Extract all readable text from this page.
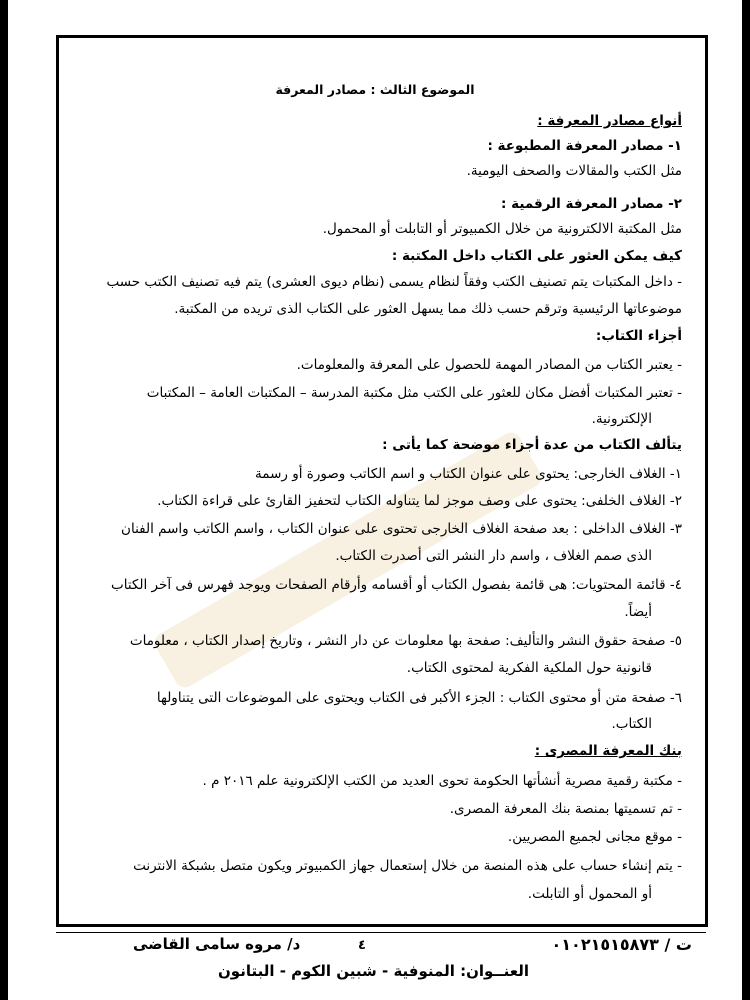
الموضوع الثالث : مصادر المعرفة
أنواع مصادر المعرفة :
١- مصادر المعرفة المطبوعة :
مثل الكتب والمقالات والصحف اليومية.
٢- مصادر المعرفة الرقمية :
مثل المكتبة الالكترونية من خلال الكمبيوتر أو التابلت أو المحمول.
كيف يمكن العثور على الكتاب داخل المكتبة :
- داخل المكتبات يتم تصنيف الكتب وفقاً لنظام يسمى (نظام ديوى العشرى) يتم فيه تصنيف الكتب حسب
موضوعاتها الرئيسية وترقم حسب ذلك مما يسهل العثور على الكتاب الذى تريده من المكتبة.
أجزاء الكتاب:
- يعتبر الكتاب من المصادر المهمة للحصول على المعرفة والمعلومات.
- تعتبر المكتبات أفضل مكان للعثور على الكتب مثل مكتبة المدرسة – المكتبات العامة – المكتبات
الإلكترونية.
يتألف الكتاب من عدة أجزاء موضحة كما يأتى :
١- الغلاف الخارجى: يحتوى على عنوان الكتاب و اسم الكاتب وصورة أو رسمة
٢- الغلاف الخلفى: يحتوى على وصف موجز لما يتناوله الكتاب لتحفيز القارئ على قراءة الكتاب.
٣- الغلاف الداخلى : بعد صفحة الغلاف الخارجى تحتوى على عنوان الكتاب ، واسم الكاتب واسم الفنان
الذى صمم الغلاف ، واسم دار النشر التى أصدرت الكتاب.
٤- قائمة المحتويات: هى قائمة بفصول الكتاب أو أقسامه وأرقام الصفحات ويوجد فهرس فى آخر الكتاب
أيضاً.
٥- صفحة حقوق النشر والتأليف: صفحة بها معلومات عن دار النشر ، وتاريخ إصدار الكتاب ، معلومات
قانونية حول الملكية الفكرية لمحتوى الكتاب.
٦- صفحة متن أو محتوى الكتاب : الجزء الأكبر فى الكتاب ويحتوى على الموضوعات التى يتناولها
الكتاب.
بنك المعرفة المصرى :
- مكتبة رقمية مصرية أنشأتها الحكومة تحوى العديد من الكتب الإلكترونية علم ٢٠١٦ م .
- تم تسميتها بمنصة بنك المعرفة المصرى.
- موقع مجانى لجميع المصريين.
- يتم إنشاء حساب على هذه المنصة من خلال إستعمال جهاز الكمبيوتر ويكون متصل بشبكة الانترنت
أو المحمول أو التابلت.
ت / ٠١٠٢١٥١٥٨٧٣
٤
د/ مروه سامى القاضى
العنــوان: المنوفية - شبين الكوم - البتانون
